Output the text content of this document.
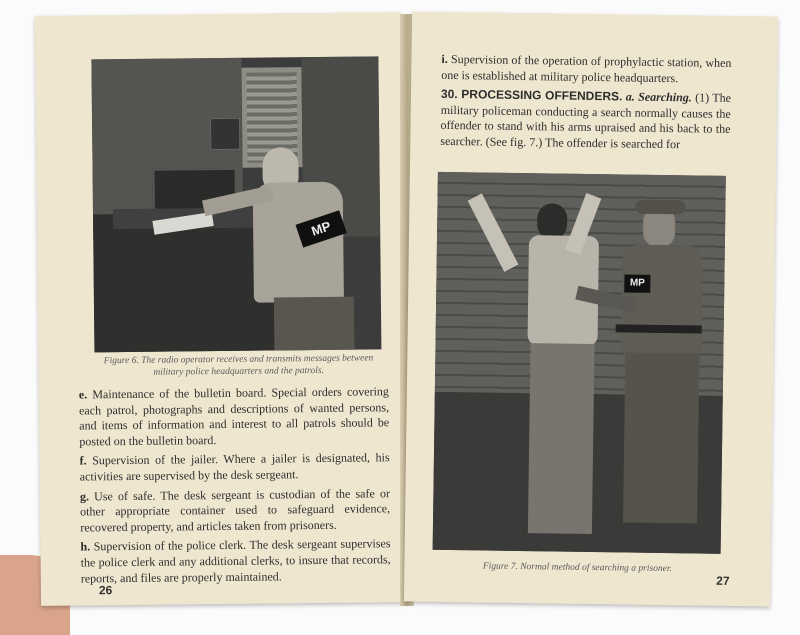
MP
Figure 6. The radio operator receives and transmits messages between military police headquarters and the patrols.

e. Maintenance of the bulletin board. Special orders covering each patrol, photographs and descriptions of wanted persons, and items of information and interest to all patrols should be posted on the bulletin board.

f. Supervision of the jailer. Where a jailer is designated, his activities are supervised by the desk sergeant.

g. Use of safe. The desk sergeant is custodian of the safe or other appropriate container used to safeguard evidence, recovered property, and articles taken from prisoners.

h. Supervision of the police clerk. The desk sergeant supervises the police clerk and any additional clerks, to insure that records, reports, and files are properly maintained.

26

i. Supervision of the operation of prophylactic station, when one is established at military police headquarters.

30. PROCESSING OFFENDERS. a. Searching. (1) The military policeman conducting a search normally causes the offender to stand with his arms upraised and his back to the searcher. (See fig. 7.) The offender is searched for

MP
Figure 7. Normal method of searching a prisoner.
27
